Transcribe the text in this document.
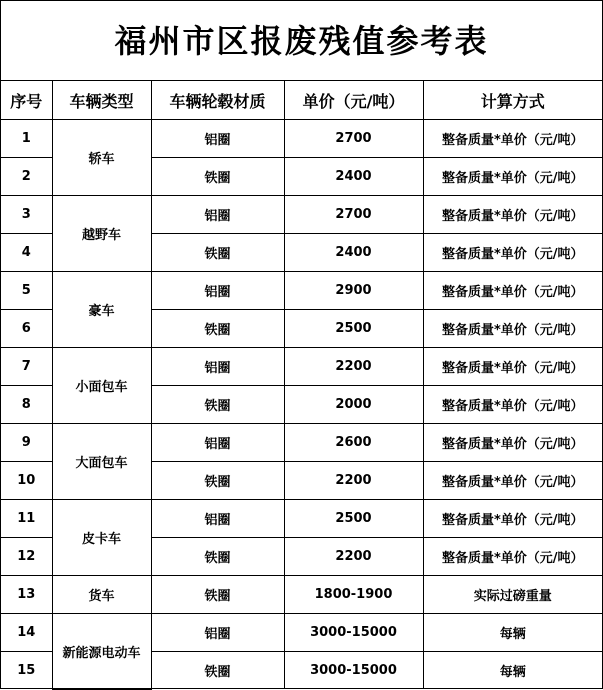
福州市区报废残值参考表
序号	车辆类型	车辆轮毂材质	单价（元/吨）	计算方式
1	轿车	铝圈	2700	整备质量*单价（元/吨）
2		铁圈	2400	整备质量*单价（元/吨）
3	越野车	铝圈	2700	整备质量*单价（元/吨）
4		铁圈	2400	整备质量*单价（元/吨）
5	豪车	铝圈	2900	整备质量*单价（元/吨）
6		铁圈	2500	整备质量*单价（元/吨）
7	小面包车	铝圈	2200	整备质量*单价（元/吨）
8		铁圈	2000	整备质量*单价（元/吨）
9	大面包车	铝圈	2600	整备质量*单价（元/吨）
10		铁圈	2200	整备质量*单价（元/吨）
11	皮卡车	铝圈	2500	整备质量*单价（元/吨）
12		铁圈	2200	整备质量*单价（元/吨）
13	货车	铁圈	1800-1900	实际过磅重量
14	新能源电动车	铝圈	3000-15000	每辆
15		铁圈	3000-15000	每辆
